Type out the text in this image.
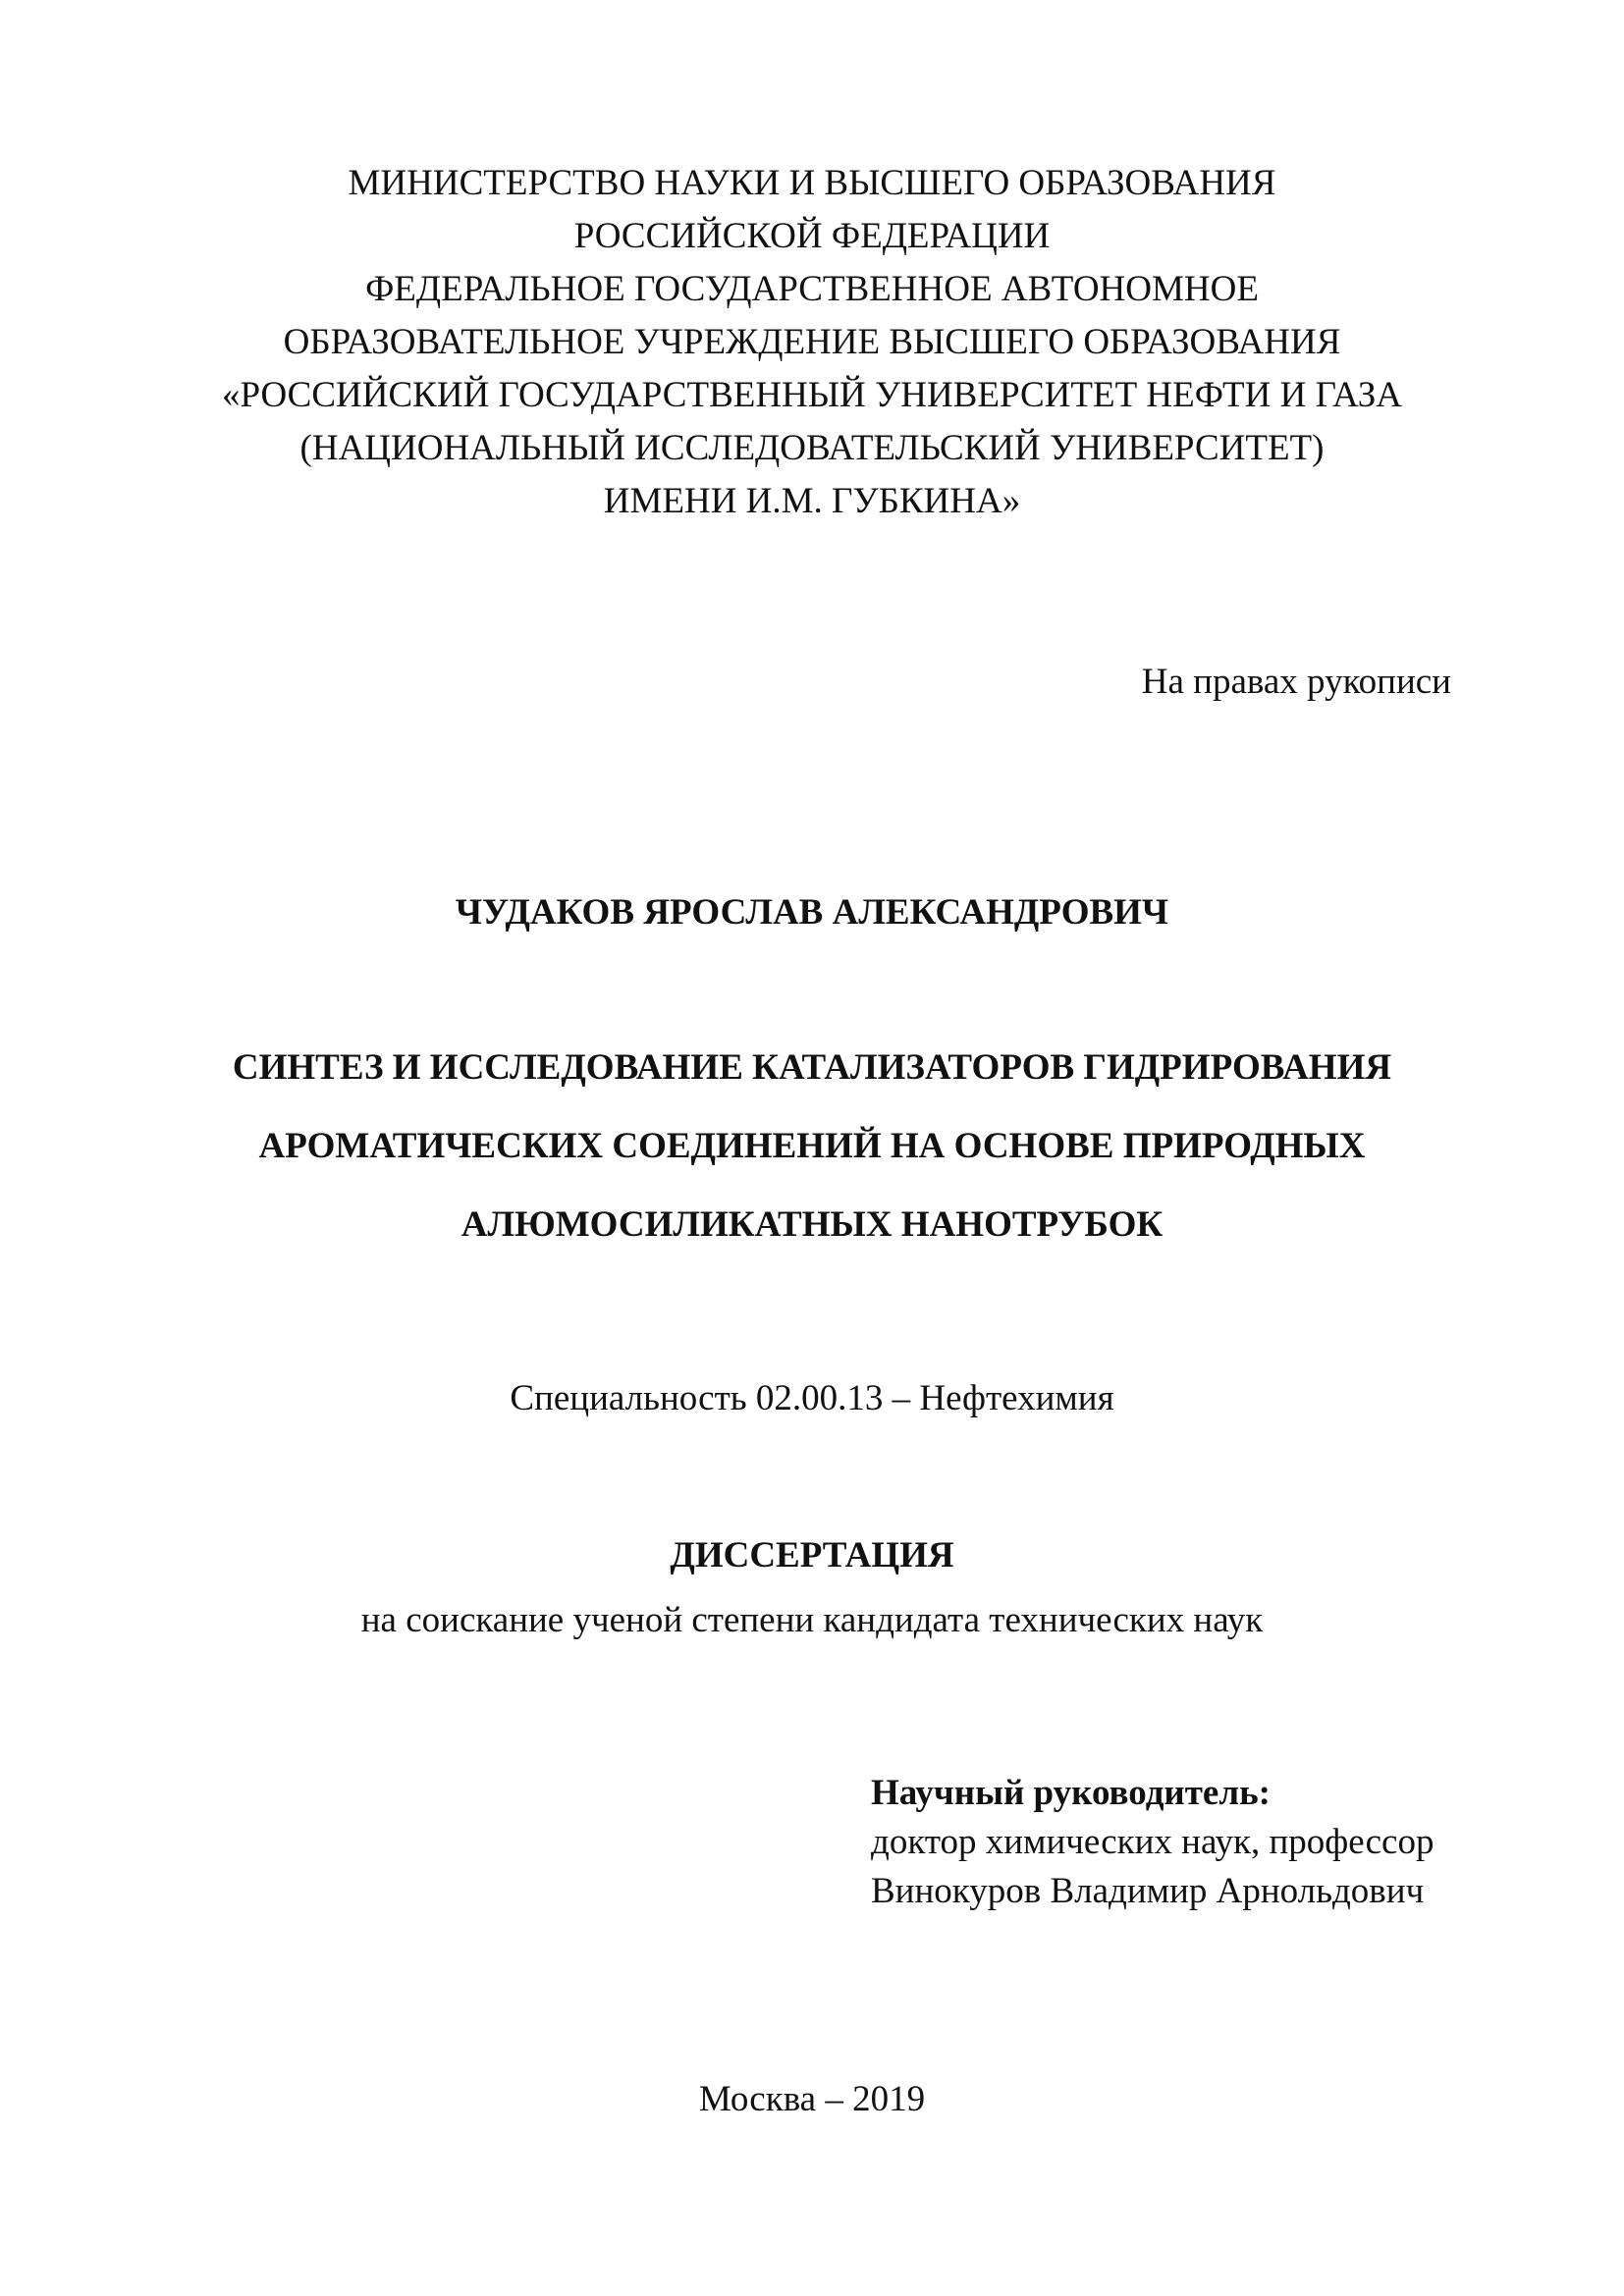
МИНИСТЕРСТВО НАУКИ И ВЫСШЕГО ОБРАЗОВАНИЯ
РОССИЙСКОЙ ФЕДЕРАЦИИ
ФЕДЕРАЛЬНОЕ ГОСУДАРСТВЕННОЕ АВТОНОМНОЕ
ОБРАЗОВАТЕЛЬНОЕ УЧРЕЖДЕНИЕ ВЫСШЕГО ОБРАЗОВАНИЯ
«РОССИЙСКИЙ ГОСУДАРСТВЕННЫЙ УНИВЕРСИТЕТ НЕФТИ И ГАЗА
(НАЦИОНАЛЬНЫЙ ИССЛЕДОВАТЕЛЬСКИЙ УНИВЕРСИТЕТ)
ИМЕНИ И.М. ГУБКИНА»
На правах рукописи
ЧУДАКОВ ЯРОСЛАВ АЛЕКСАНДРОВИЧ
СИНТЕЗ И ИССЛЕДОВАНИЕ КАТАЛИЗАТОРОВ ГИДРИРОВАНИЯ
АРОМАТИЧЕСКИХ СОЕДИНЕНИЙ НА ОСНОВЕ ПРИРОДНЫХ
АЛЮМОСИЛИКАТНЫХ НАНОТРУБОК
Специальность 02.00.13 – Нефтехимия
ДИССЕРТАЦИЯ
на соискание ученой степени кандидата технических наук
Научный руководитель:
доктор химических наук, профессор
Винокуров Владимир Арнольдович
Москва – 2019
